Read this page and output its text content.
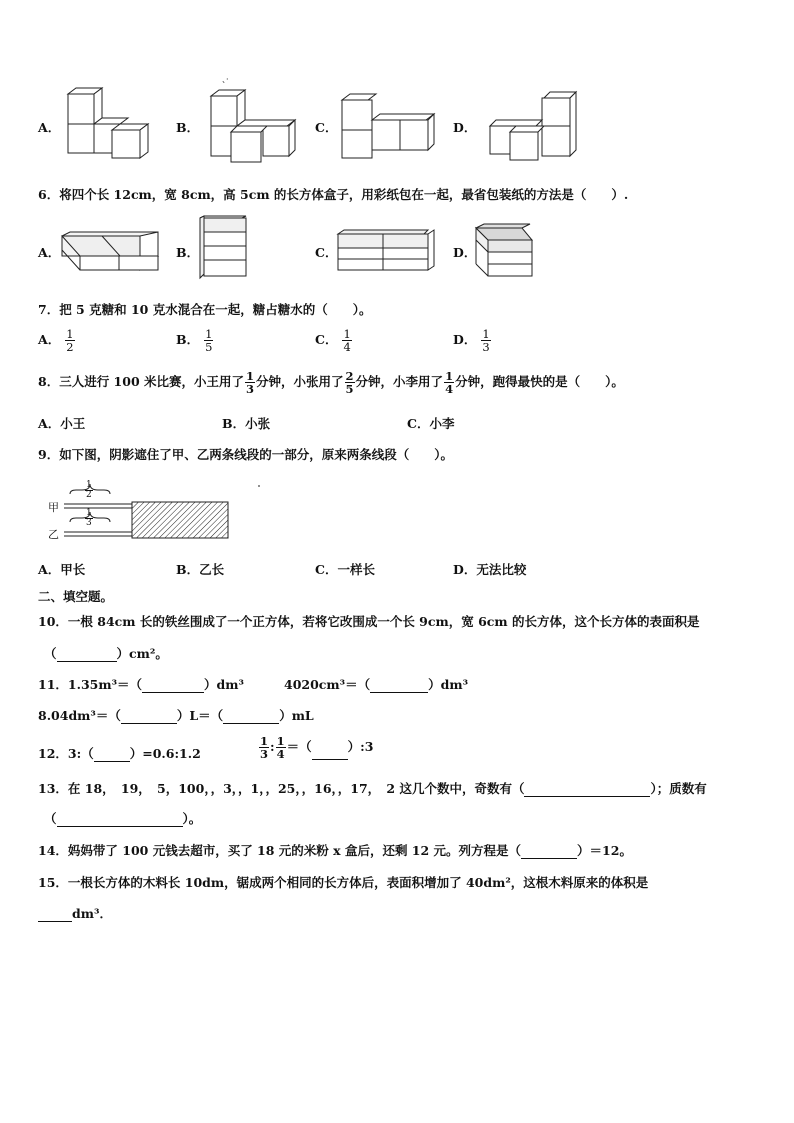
、·
A．	B．	C．	D．
6．将四个长 12cm，宽 8cm，高 5cm 的长方体盒子，用彩纸包在一起，最省包装纸的方法是（　　）.
A．	B．	C．	D．
7．把 5 克糖和 10 克水混合在一起，糖占糖水的（　　）。
A． $\frac{1}{2}$	B． $\frac{1}{5}$	C． $\frac{1}{4}$	D． $\frac{1}{3}$
8．三人进行 100 米比赛，小王用了 $\frac{1}{3}$ 分钟，小张用了 $\frac{2}{5}$ 分钟，小李用了 $\frac{1}{4}$ 分钟，跑得最快的是（　　）。
A．小王	B．小张	C．小李
9．如下图，阴影遮住了甲、乙两条线段的一部分，原来两条线段（　　）。
甲
乙
$\frac{1}{2}$
$\frac{1}{3}$
A．甲长	B．乙长	C．一样长	D．无法比较
二、填空题。
10．一根 84cm 长的铁丝围成了一个正方体，若将它改围成一个长 9cm，宽 6cm 的长方体，这个长方体的表面积是
（	）cm²。
11．1.35m³＝（	）dm³	4020cm³＝（	）dm³
8.04dm³＝（	）L＝（	）mL
12．3:（	）=0.6:1.2	$\frac{1}{3}$ : $\frac{1}{4}$ ＝（	）:3
13．在 18，　19，　5，100，，3，，1，，25，，16，，17，　2 这几个数中，奇数有（	）；质数有
（	）。
14．妈妈带了 100 元钱去超市，买了 18 元的米粉 x 盒后，还剩 12 元。列方程是（	）＝12。
15．一根长方体的木料长 10dm，锯成两个相同的长方体后，表面积增加了 40dm²，这根木料原来的体积是
dm³．
